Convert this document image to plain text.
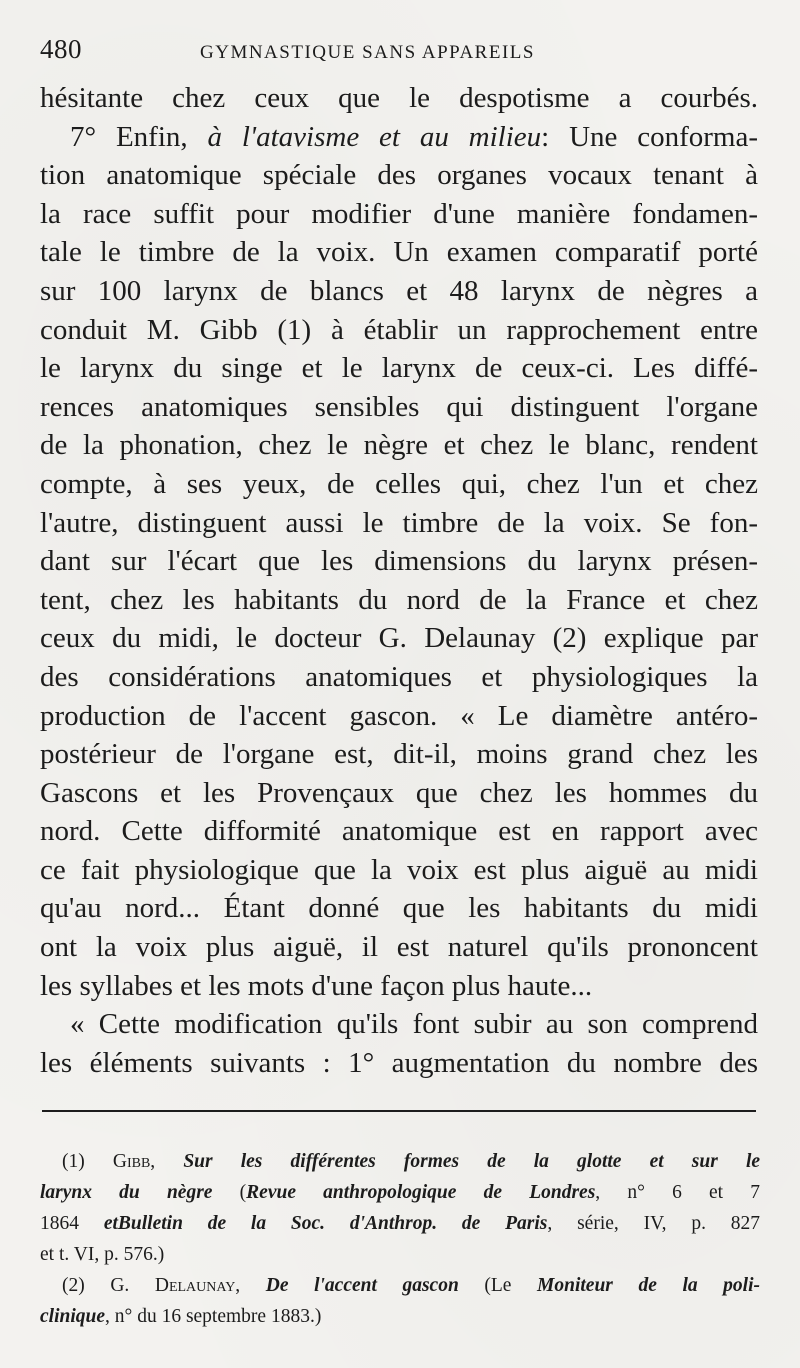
480	GYMNASTIQUE SANS APPAREILS
hésitante chez ceux que le despotisme a courbés.
7° Enfin, à l'atavisme et au milieu: Une conforma-
tion anatomique spéciale des organes vocaux tenant à
la race suffit pour modifier d'une manière fondamen-
tale le timbre de la voix. Un examen comparatif porté
sur 100 larynx de blancs et 48 larynx de nègres a
conduit M. Gibb (1) à établir un rapprochement entre
le larynx du singe et le larynx de ceux-ci. Les diffé-
rences anatomiques sensibles qui distinguent l'organe
de la phonation, chez le nègre et chez le blanc, rendent
compte, à ses yeux, de celles qui, chez l'un et chez
l'autre, distinguent aussi le timbre de la voix. Se fon-
dant sur l'écart que les dimensions du larynx présen-
tent, chez les habitants du nord de la France et chez
ceux du midi, le docteur G. Delaunay (2) explique par
des considérations anatomiques et physiologiques la
production de l'accent gascon. « Le diamètre antéro-
postérieur de l'organe est, dit-il, moins grand chez les
Gascons et les Provençaux que chez les hommes du
nord. Cette difformité anatomique est en rapport avec
ce fait physiologique que la voix est plus aiguë au midi
qu'au nord... Étant donné que les habitants du midi
ont la voix plus aiguë, il est naturel qu'ils prononcent
les syllabes et les mots d'une façon plus haute...
« Cette modification qu'ils font subir au son comprend
les éléments suivants : 1° augmentation du nombre des
(1) Gibb, Sur les différentes formes de la glotte et sur le
larynx du nègre (Revue anthropologique de Londres, n° 6 et 7
1864 etBulletin de la Soc. d'Anthrop. de Paris, série, IV, p. 827
et t. VI, p. 576.)
(2) G. Delaunay, De l'accent gascon (Le Moniteur de la poli-
clinique, n° du 16 septembre 1883.)
